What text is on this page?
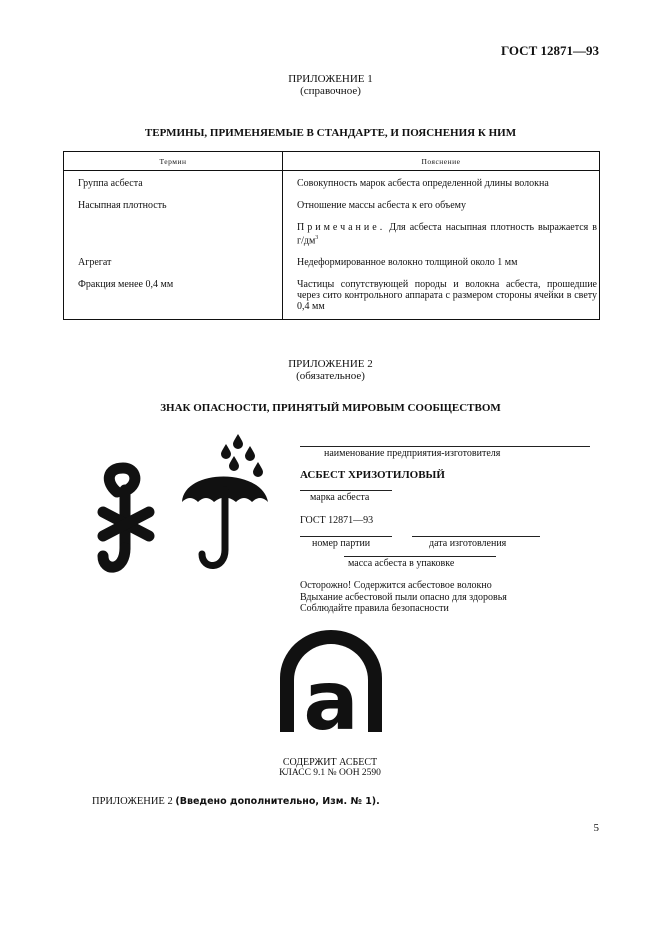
ГОСТ 12871—93
ПРИЛОЖЕНИЕ 1
(справочное)
ТЕРМИНЫ, ПРИМЕНЯЕМЫЕ В СТАНДАРТЕ, И ПОЯСНЕНИЯ К НИМ
Термин	Пояснение
Группа асбеста	Совокупность марок асбеста определенной длины волокна
Насыпная плотность	Отношение массы асбеста к его объему
	Примечание. Для асбеста насыпная плотность выражается в $г/дм^3$
Агрегат	Недеформированное волокно толщиной около 1 мм
Фракция менее 0,4 мм	Частицы сопутствующей породы и волокна асбеста, прошедшие через сито контрольного аппарата с размером стороны ячейки в свету 0,4 мм
ПРИЛОЖЕНИЕ 2
(обязательное)
ЗНАК ОПАСНОСТИ, ПРИНЯТЫЙ МИРОВЫМ СООБЩЕСТВОМ
наименование предприятия-изготовителя
АСБЕСТ ХРИЗОТИЛОВЫЙ
марка асбеста
ГОСТ 12871—93
номер партии	дата изготовления
масса асбеста в упаковке
Осторожно! Содержится асбестовое волокно
Вдыхание асбестовой пыли опасно для здоровья
Соблюдайте правила безопасности
a
СОДЕРЖИТ АСБЕСТ
КЛАСС 9.1 № ООН 2590
ПРИЛОЖЕНИЕ 2 (Введено дополнительно, Изм. № 1).
5
